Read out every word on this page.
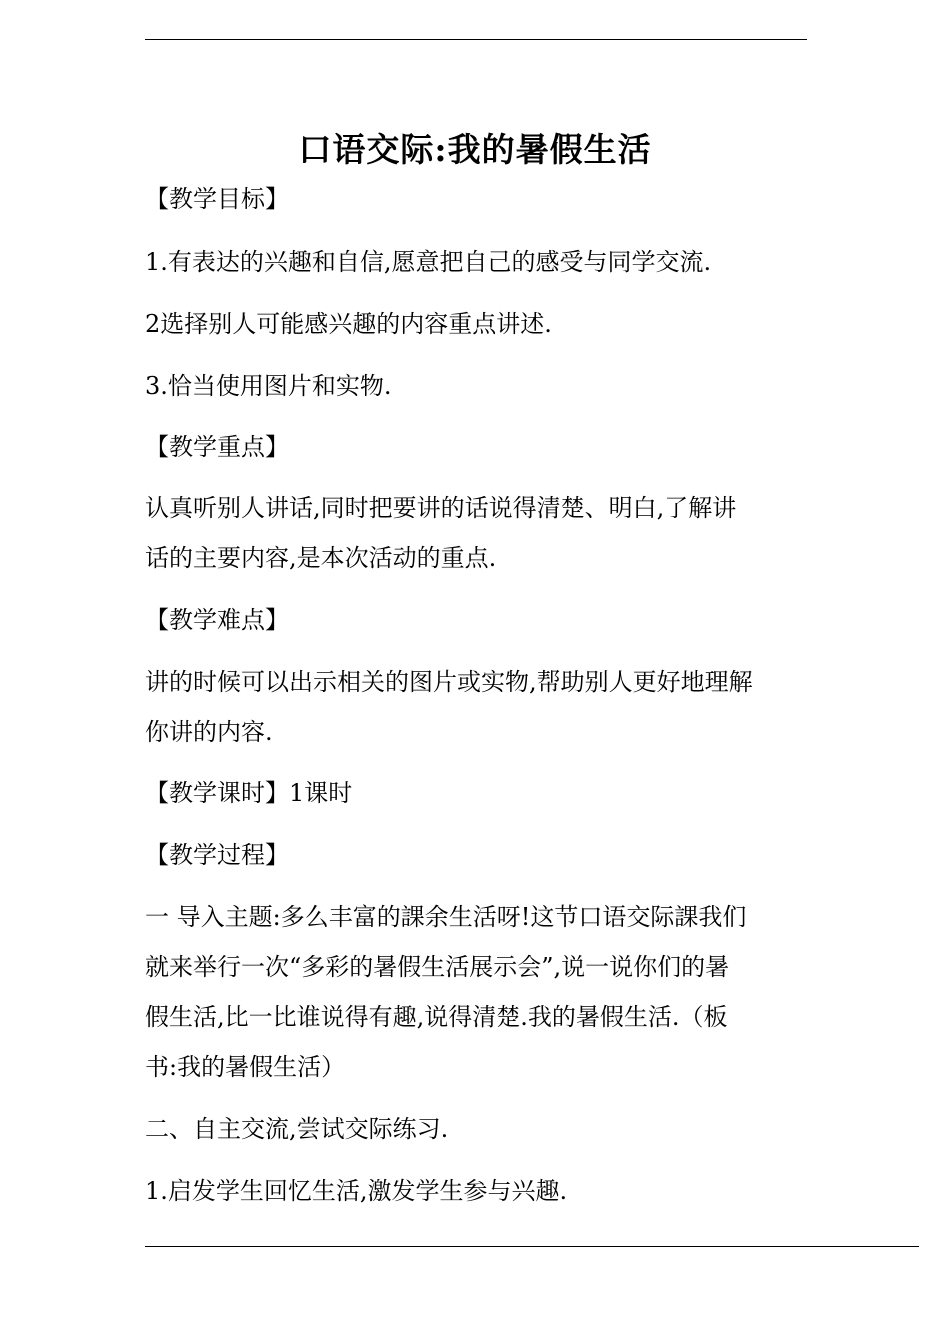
口语交际:我的暑假生活
【教学目标】
1.有表达的兴趣和自信,愿意把自己的感受与同学交流.
2选择别人可能感兴趣的内容重点讲述.
3.恰当使用图片和实物.
【教学重点】
认真听别人讲话,同时把要讲的话说得清楚、明白,了解讲
话的主要内容,是本次活动的重点.
【教学难点】
讲的时候可以出示相关的图片或实物,帮助别人更好地理解
你讲的内容.
【教学课时】1课时
【教学过程】
一 导入主题:多么丰富的課余生活呀!这节口语交际課我们
就来举行一次“多彩的暑假生活展示会”,说一说你们的暑
假生活,比一比谁说得有趣,说得清楚.我的暑假生活.（板
书:我的暑假生活）
二、自主交流,尝试交际练习.
1.启发学生回忆生活,激发学生参与兴趣.
